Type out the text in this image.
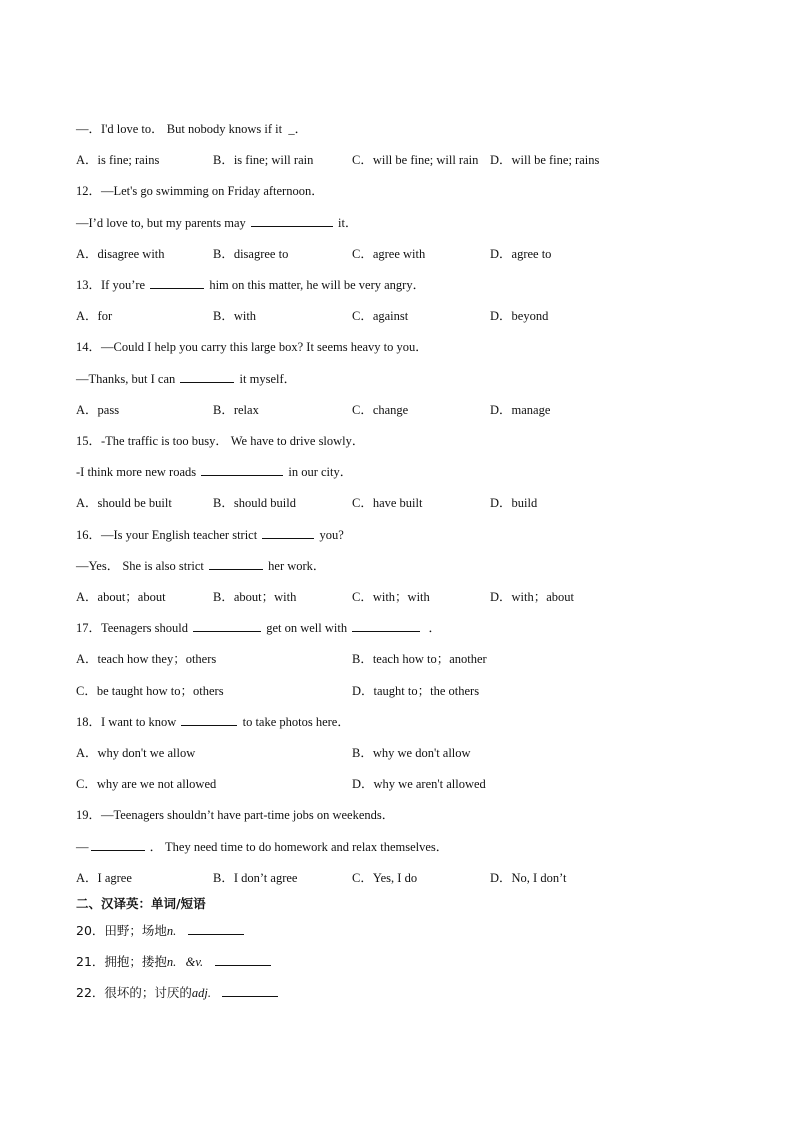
—．I'd love to． But nobody knows if it _．
A．is fine; rains	B．is fine; will rain	C．will be fine; will rain D．will be fine; rains
12．—Let's go swimming on Friday afternoon．
—I’d love to, but my parents may	it．
A．disagree with	B．disagree to	C．agree with	D．agree to
13．If you’re	him on this matter, he will be very angry．
A．for	B．with	C．against	D．beyond
14．—Could I help you carry this large box? It seems heavy to you．
—Thanks, but I can	it myself．
A．pass	B．relax	C．change	D．manage
15．-The traffic is too busy． We have to drive slowly．
-I think more new roads	in our city．
A．should be built	B．should build	C．have built	D．build
16．—Is your English teacher strict	you?
—Yes． She is also strict	her work．
A．about；about	B．about；with	C．with；with	D．with；about
17．Teenagers should	get on well with	．
A．teach how they；others	B．teach how to；another
C．be taught how to；others	D．taught to；the others
18．I want to know	to take photos here．
A．why don't we allow	B．why we don't allow
C．why are we not allowed	D．why we aren't allowed
19．—Teenagers shouldn’t have part-time jobs on weekends．
—	． They need time to do homework and relax themselves．
A．I agree	B．I don’t agree	C．Yes, I do	D．No, I don’t
二、汉译英：单词/短语
20．田野；场地n.
21．拥抱；搂抱n. &v.
22．很坏的；讨厌的adj.
